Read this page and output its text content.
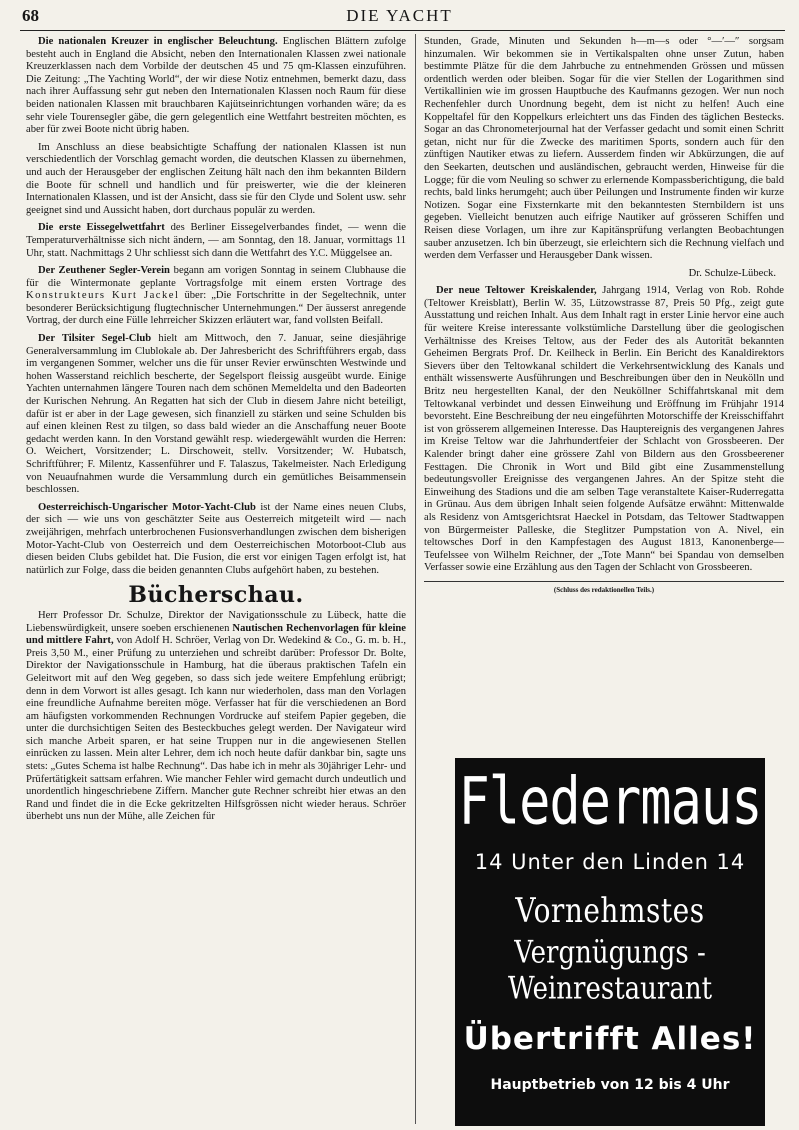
68	DIE YACHT

Die nationalen Kreuzer in englischer Beleuchtung. Englischen Blättern zufolge besteht auch in England die Absicht, neben den Internationalen Klassen zwei nationale Kreuzerklassen nach dem Vorbilde der deutschen 45 und 75 qm-Klassen einzuführen. Die Zeitung: „The Yachting World“, der wir diese Notiz entnehmen, bemerkt dazu, dass nach ihrer Auffassung sehr gut neben den Internationalen Klassen noch Raum für diese beiden nationalen Klassen mit brauchbaren Kajütseinrichtungen vorhanden wäre; da es sehr viele Tourensegler gäbe, die gern gelegentlich eine Wettfahrt bestreiten möchten, es aber für zwei Boote nicht übrig haben.

Im Anschluss an diese beabsichtigte Schaffung der nationalen Klassen ist nun verschiedentlich der Vorschlag gemacht worden, die deutschen Klassen zu übernehmen, und auch der Herausgeber der englischen Zeitung hält nach den ihm bekannten Bildern die Boote für schnell und handlich und für preiswerter, wie die der kleineren Internationalen Klassen, und ist der Ansicht, dass sie für den Clyde und Solent usw. sehr geeignet sind und Aussicht haben, dort durchaus populär zu werden.

Die erste Eissegelwettfahrt des Berliner Eissegelverbandes findet, — wenn die Temperaturverhältnisse sich nicht ändern, — am Sonntag, den 18. Januar, vormittags 11 Uhr, statt. Nachmittags 2 Uhr schliesst sich dann die Wettfahrt des Y.C. Müggelsee an.

Der Zeuthener Segler-Verein begann am vorigen Sonntag in seinem Clubhause die für die Wintermonate geplante Vortragsfolge mit einem ersten Vortrage des Konstrukteurs Kurt Jackel über: „Die Fortschritte in der Segeltechnik, unter besonderer Berücksichtigung flugtechnischer Unternehmungen.“ Der äusserst anregende Vortrag, der durch eine Fülle lehrreicher Skizzen erläutert war, fand vollsten Beifall.

Der Tilsiter Segel-Club hielt am Mittwoch, den 7. Januar, seine diesjährige Generalversammlung im Clublokale ab. Der Jahresbericht des Schriftführers ergab, dass im vergangenen Sommer, welcher uns die für unser Revier erwünschten Westwinde und hohen Wasserstand reichlich bescherte, der Segelsport fleissig ausgeübt wurde. Einige Yachten unternahmen längere Touren nach dem schönen Memeldelta und den Badeorten der Kurischen Nehrung. An Regatten hat sich der Club in diesem Jahre nicht beteiligt, dafür ist er aber in der Lage gewesen, sich finanziell zu stärken und seine Schulden bis auf einen kleinen Rest zu tilgen, so dass bald wieder an die Anschaffung neuer Boote gedacht werden kann. In den Vorstand gewählt resp. wiedergewählt wurden die Herren: O. Weichert, Vorsitzender; L. Dirschoweit, stellv. Vorsitzender; W. Hubatsch, Schriftführer; F. Milentz, Kassenführer und F. Talaszus, Takelmeister. Nach Erledigung von Neuaufnahmen wurde die Versammlung durch ein gemütliches Beisammensein beschlossen.

Oesterreichisch-Ungarischer Motor-Yacht-Club ist der Name eines neuen Clubs, der sich — wie uns von geschätzter Seite aus Oesterreich mitgeteilt wird — nach zweijährigen, mehrfach unterbrochenen Fusionsverhandlungen zwischen dem bisherigen Motor-Yacht-Club von Oesterreich und dem Oesterreichischen Motorboot-Club aus diesen beiden Clubs gebildet hat. Die Fusion, die erst vor einigen Tagen erfolgt ist, hat natürlich zur Folge, dass die beiden genannten Clubs aufgehört haben, zu bestehen.

Bücherschau.

Herr Professor Dr. Schulze, Direktor der Navigationsschule zu Lübeck, hatte die Liebenswürdigkeit, unsere soeben erschienenen Nautischen Rechenvorlagen für kleine und mittlere Fahrt, von Adolf H. Schröer, Verlag von Dr. Wedekind & Co., G. m. b. H., Preis 3,50 M., einer Prüfung zu unterziehen und schreibt darüber: Professor Dr. Bolte, Direktor der Navigationsschule in Hamburg, hat die überaus praktischen Tafeln ein Geleitwort mit auf den Weg gegeben, so dass sich jede weitere Empfehlung erübrigt; denn in dem Vorwort ist alles gesagt. Ich kann nur wiederholen, dass man den Vorlagen eine freundliche Aufnahme bereiten möge. Verfasser hat für die verschiedenen an Bord am häufigsten vorkommenden Rechnungen Vordrucke auf steifem Papier gegeben, die unter die durchsichtigen Seiten des Besteckbuches gelegt werden. Der Navigateur wird sich manche Arbeit sparen, er hat seine Truppen nur in die angewiesenen Stellen einrücken zu lassen. Mein alter Lehrer, dem ich noch heute dafür dankbar bin, sagte uns stets: „Gutes Schema ist halbe Rechnung“. Das habe ich in mehr als 30jähriger Lehr- und Prüfertätigkeit sattsam erfahren. Wie mancher Fehler wird gemacht durch undeutlich und unordentlich hingeschriebene Ziffern. Mancher gute Rechner schreibt hier etwas an den Rand und findet die in die Ecke gekritzelten Hilfsgrössen nicht wieder heraus. Schröer überhebt uns nun der Mühe, alle Zeichen für

Stunden, Grade, Minuten und Sekunden h—m—s oder °—′—″ sorgsam hinzumalen. Wir bekommen sie in Vertikalspalten ohne unser Zutun, haben bestimmte Plätze für die dem Jahrbuche zu entnehmenden Grössen und müssen ordentlich werden oder bleiben. Sogar für die vier Stellen der Logarithmen sind Vertikallinien wie im grossen Hauptbuche des Kaufmanns gezogen. Wer nun noch Rechenfehler durch Unordnung begeht, dem ist nicht zu helfen! Auch eine Koppeltafel für den Koppelkurs erleichtert uns das Finden des täglichen Bestecks. Sogar an das Chronometerjournal hat der Verfasser gedacht und somit einen Schritt getan, nicht nur für die Zwecke des maritimen Sports, sondern auch für den zünftigen Nautiker etwas zu liefern. Ausserdem finden wir Abkürzungen, die auf den Seekarten, deutschen und ausländischen, gebraucht werden, Hinweise für die Logge; für die vom Neuling so schwer zu erlernende Kompassberichtigung, die bald rechts, bald links herumgeht; auch über Peilungen und Instrumente finden wir kurze Notizen. Sogar eine Fixsternkarte mit den bekanntesten Sternbildern ist uns gegeben. Vielleicht benutzen auch eifrige Nautiker auf grösseren Schiffen und Reisen diese Vorlagen, um ihre zur Kapitänsprüfung verlangten Beobachtungen sauber anzusetzen. Ich bin überzeugt, sie erleichtern sich die Rechnung vielfach und werden dem Verfasser und Herausgeber Dank wissen.

Dr. Schulze-Lübeck.

Der neue Teltower Kreiskalender, Jahrgang 1914, Verlag von Rob. Rohde (Teltower Kreisblatt), Berlin W. 35, Lützowstrasse 87, Preis 50 Pfg., zeigt gute Ausstattung und reichen Inhalt. Aus dem Inhalt ragt in erster Linie hervor eine auch für weitere Kreise interessante volkstümliche Darstellung über die geologischen Verhältnisse des Kreises Teltow, aus der Feder des als Autorität bekannten Geheimen Bergrats Prof. Dr. Keilheck in Berlin. Ein Bericht des Kanaldirektors Sievers über den Teltowkanal schildert die Verkehrsentwicklung des Kanals und enthält wissenswerte Ausführungen und Beschreibungen über den in Neukölln und Britz neu hergestellten Kanal, der den Neuköllner Schiffahrtskanal mit dem Teltowkanal verbindet und dessen Einweihung und Eröffnung im Frühjahr 1914 bevorsteht. Eine Beschreibung der neu eingeführten Motorschiffe der Kreisschiffahrt ist von grösserem allgemeinen Interesse. Das Hauptereignis des vergangenen Jahres im Kreise Teltow war die Jahrhundertfeier der Schlacht von Grossbeeren. Der Kalender bringt daher eine grössere Zahl von Bildern aus den Grossbeerener Festtagen. Die Chronik in Wort und Bild gibt eine Zusammenstellung bedeutungsvoller Ereignisse des vergangenen Jahres. An der Spitze steht die Einweihung des Stadions und die am selben Tage veranstaltete Kaiser-Ruderregatta in Grünau. Aus dem übrigen Inhalt seien folgende Aufsätze erwähnt: Mittenwalde als Residenz von Amtsgerichtsrat Haeckel in Potsdam, das Teltower Stadtwappen von Bürgermeister Palleske, die Steglitzer Pumpstation von A. Nivel, ein teltowsches Dorf in den Kampfestagen des August 1813, Kanonenberge—Teufelssee von Wilhelm Reichner, der „Tote Mann“ bei Spandau von demselben Verfasser sowie eine Erzählung aus den Tagen der Schlacht von Grossbeeren.

(Schluss des redaktionellen Teils.)
Fledermaus
14 Unter den Linden 14
Vornehmstes
Vergnügungs - Weinrestaurant
Übertrifft Alles!
Hauptbetrieb von 12 bis 4 Uhr
